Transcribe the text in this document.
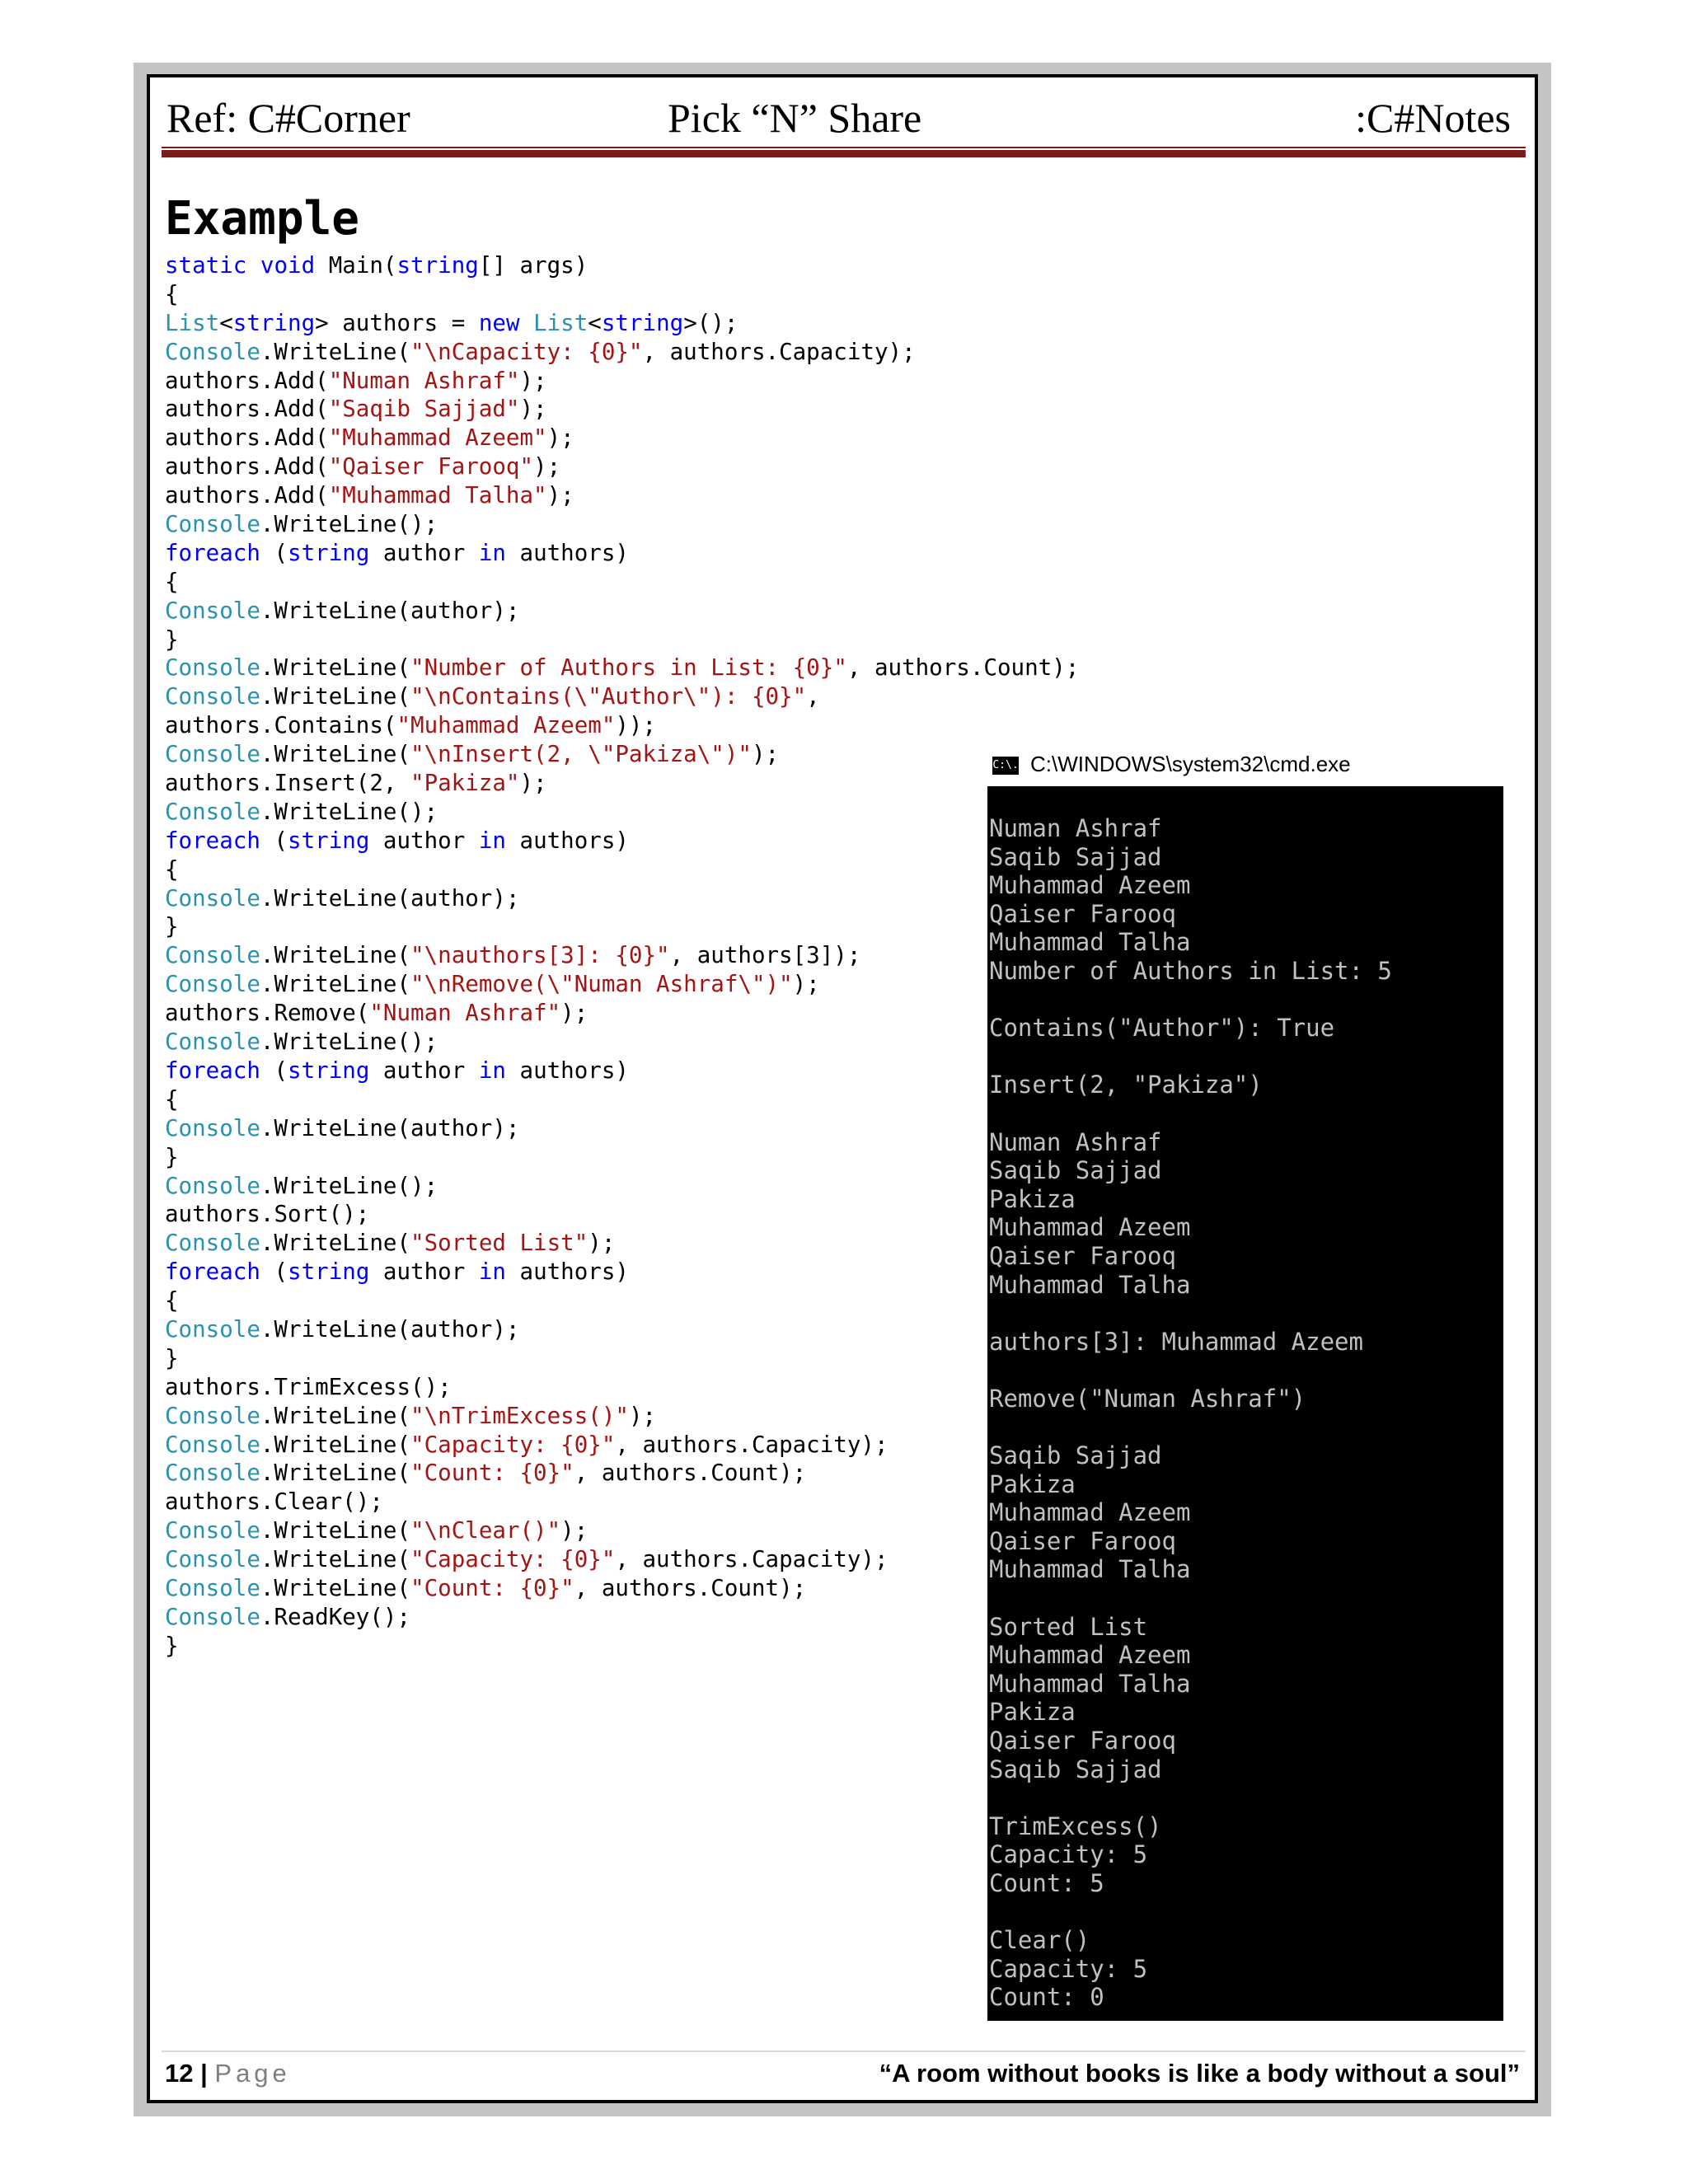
Ref: C#Corner	Pick “N” Share	:C#Notes
Example
static void Main(string[] args)
{
List<string> authors = new List<string>();
Console.WriteLine("\nCapacity: {0}", authors.Capacity);
authors.Add("Numan Ashraf");
authors.Add("Saqib Sajjad");
authors.Add("Muhammad Azeem");
authors.Add("Qaiser Farooq");
authors.Add("Muhammad Talha");
Console.WriteLine();
foreach (string author in authors)
{
Console.WriteLine(author);
}
Console.WriteLine("Number of Authors in List: {0}", authors.Count);
Console.WriteLine("\nContains(\"Author\"): {0}",
authors.Contains("Muhammad Azeem"));
Console.WriteLine("\nInsert(2, \"Pakiza\")");
authors.Insert(2, "Pakiza");
Console.WriteLine();
foreach (string author in authors)
{
Console.WriteLine(author);
}
Console.WriteLine("\nauthors[3]: {0}", authors[3]);
Console.WriteLine("\nRemove(\"Numan Ashraf\")");
authors.Remove("Numan Ashraf");
Console.WriteLine();
foreach (string author in authors)
{
Console.WriteLine(author);
}
Console.WriteLine();
authors.Sort();
Console.WriteLine("Sorted List");
foreach (string author in authors)
{
Console.WriteLine(author);
}
authors.TrimExcess();
Console.WriteLine("\nTrimExcess()");
Console.WriteLine("Capacity: {0}", authors.Capacity);
Console.WriteLine("Count: {0}", authors.Count);
authors.Clear();
Console.WriteLine("\nClear()");
Console.WriteLine("Capacity: {0}", authors.Capacity);
Console.WriteLine("Count: {0}", authors.Count);
Console.ReadKey();
}
C:\. C:\WINDOWS\system32\cmd.exe
Numan Ashraf
Saqib Sajjad
Muhammad Azeem
Qaiser Farooq
Muhammad Talha
Number of Authors in List: 5
Contains("Author"): True
Insert(2, "Pakiza")
Numan Ashraf
Saqib Sajjad
Pakiza
Muhammad Azeem
Qaiser Farooq
Muhammad Talha
authors[3]: Muhammad Azeem
Remove("Numan Ashraf")
Saqib Sajjad
Pakiza
Muhammad Azeem
Qaiser Farooq
Muhammad Talha
Sorted List
Muhammad Azeem
Muhammad Talha
Pakiza
Qaiser Farooq
Saqib Sajjad
TrimExcess()
Capacity: 5
Count: 5
Clear()
Capacity: 5
Count: 0
12 | Page	“A room without books is like a body without a soul”
